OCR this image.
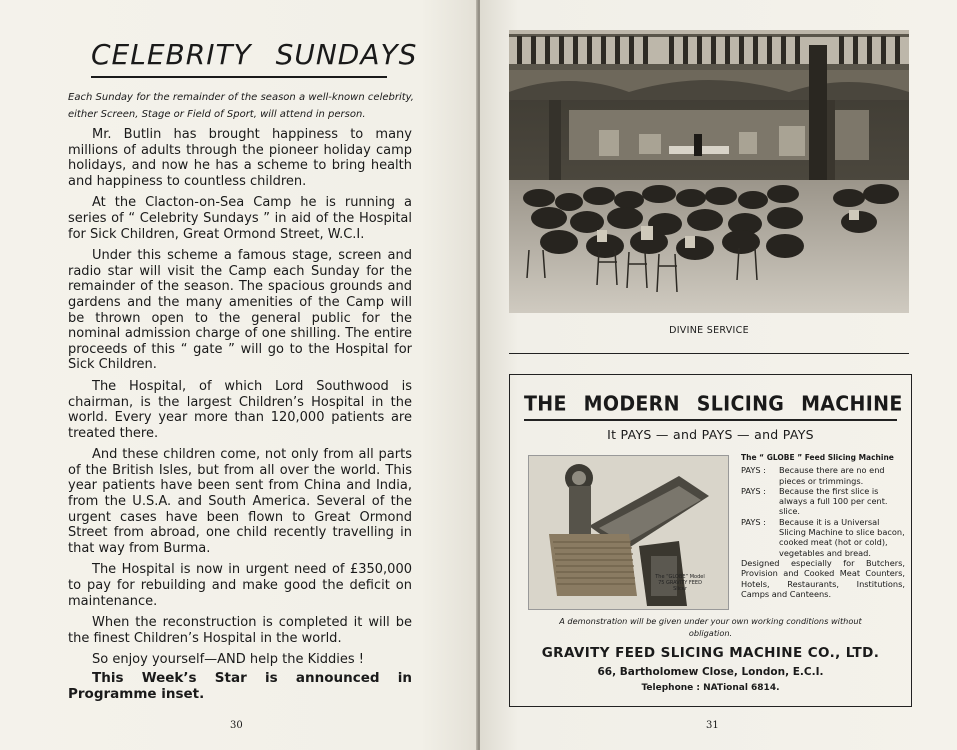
CELEBRITY SUNDAYS

Each Sunday for the remainder of the season a well-known celebrity, either Screen, Stage or Field of Sport, will attend in person.

Mr. Butlin has brought happiness to many millions of adults through the pioneer holiday camp holidays, and now he has a scheme to bring health and happiness to countless children.

At the Clacton-on-Sea Camp he is running a series of “ Celebrity Sundays ” in aid of the Hospital for Sick Children, Great Ormond Street, W.C.I.

Under this scheme a famous stage, screen and radio star will visit the Camp each Sunday for the remainder of the season. The spacious grounds and gardens and the many amenities of the Camp will be thrown open to the general public for the nominal admission charge of one shilling. The entire proceeds of this “ gate ” will go to the Hospital for Sick Children.

The Hospital, of which Lord Southwood is chairman, is the largest Children’s Hospital in the world. Every year more than 120,000 patients are treated there.

And these children come, not only from all parts of the British Isles, but from all over the world. This year patients have been sent from China and India, from the U.S.A. and South America. Several of the urgent cases have been flown to Great Ormond Street from abroad, one child recently travelling in that way from Burma.

The Hospital is now in urgent need of £350,000 to pay for rebuilding and make good the deficit on maintenance.

When the reconstruction is completed it will be the finest Children’s Hospital in the world.

So enjoy yourself—AND help the Kiddies !

This Week’s Star is announced in Programme inset.

30
DIVINE SERVICE
THE MODERN SLICING MACHINE
It PAYS — and PAYS — and PAYS
The “GLOBE” Model 75 GRAVITY FEED Slicer
The “ GLOBE ” Feed Slicing Machine
PAYS :	Because there are no end pieces or trimmings.
PAYS :	Because the first slice is always a full 100 per cent. slice.
PAYS :	Because it is a Universal Slicing Machine to slice bacon, cooked meat (hot or cold), vegetables and bread.
Designed especially for Butchers, Provision and Cooked Meat Counters, Hotels, Restaurants, Institutions, Camps and Canteens.
A demonstration will be given under your own working conditions without obligation.
GRAVITY FEED SLICING MACHINE CO., LTD.
66, Bartholomew Close, London, E.C.I.
Telephone : NATional 6814.
31
